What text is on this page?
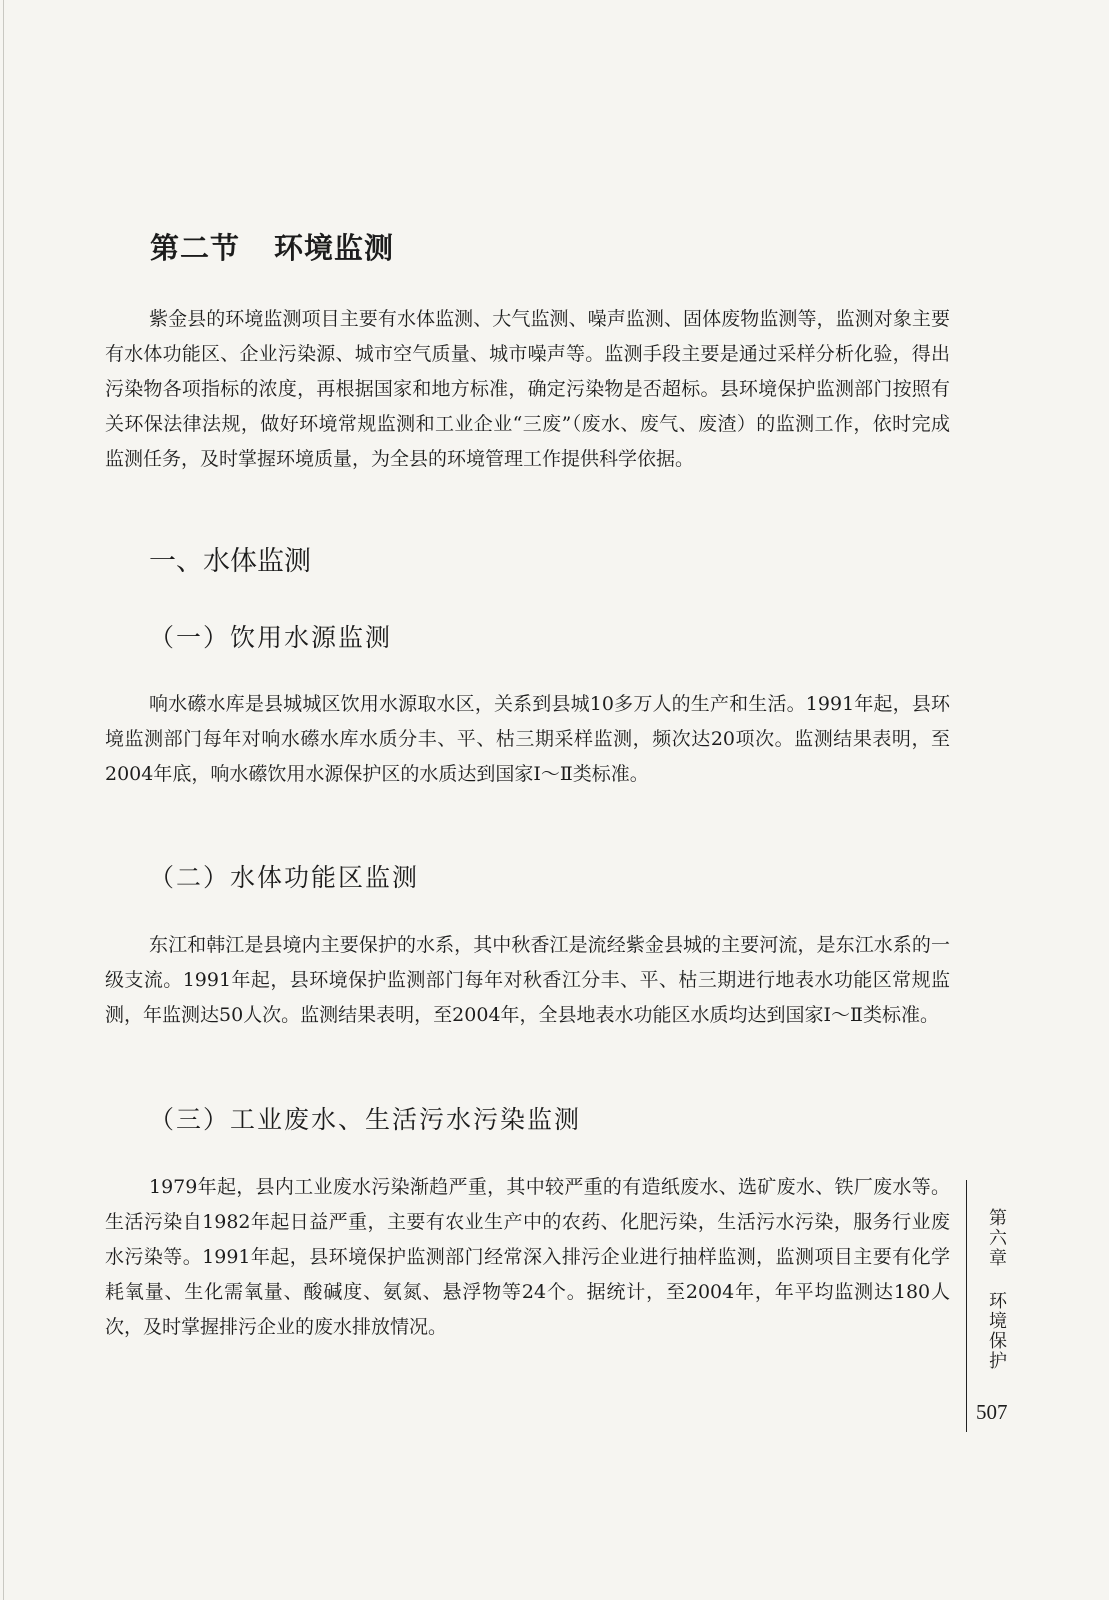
第二节 环境监测

紫金县的环境监测项目主要有水体监测、大气监测、噪声监测、固体废物监测等，监测对象主要有水体功能区、企业污染源、城市空气质量、城市噪声等。监测手段主要是通过采样分析化验，得出污染物各项指标的浓度，再根据国家和地方标准，确定污染物是否超标。县环境保护监测部门按照有关环保法律法规，做好环境常规监测和工业企业“三废”（废水、废气、废渣）的监测工作，依时完成监测任务，及时掌握环境质量，为全县的环境管理工作提供科学依据。

一、水体监测
（一）饮用水源监测

响水礤水库是县城城区饮用水源取水区，关系到县城10多万人的生产和生活。1991年起，县环境监测部门每年对响水礤水库水质分丰、平、枯三期采样监测，频次达20项次。监测结果表明，至2004年底，响水礤饮用水源保护区的水质达到国家Ⅰ～Ⅱ类标准。

（二）水体功能区监测

东江和韩江是县境内主要保护的水系，其中秋香江是流经紫金县城的主要河流，是东江水系的一级支流。1991年起，县环境保护监测部门每年对秋香江分丰、平、枯三期进行地表水功能区常规监测，年监测达50人次。监测结果表明，至2004年，全县地表水功能区水质均达到国家Ⅰ～Ⅱ类标准。

（三）工业废水、生活污水污染监测

1979年起，县内工业废水污染渐趋严重，其中较严重的有造纸废水、选矿废水、铁厂废水等。生活污染自1982年起日益严重，主要有农业生产中的农药、化肥污染，生活污水污染，服务行业废水污染等。1991年起，县环境保护监测部门经常深入排污企业进行抽样监测，监测项目主要有化学耗氧量、生化需氧量、酸碱度、氨氮、悬浮物等24个。据统计，至2004年，年平均监测达180人次，及时掌握排污企业的废水排放情况。	第六章 环境保护
507
